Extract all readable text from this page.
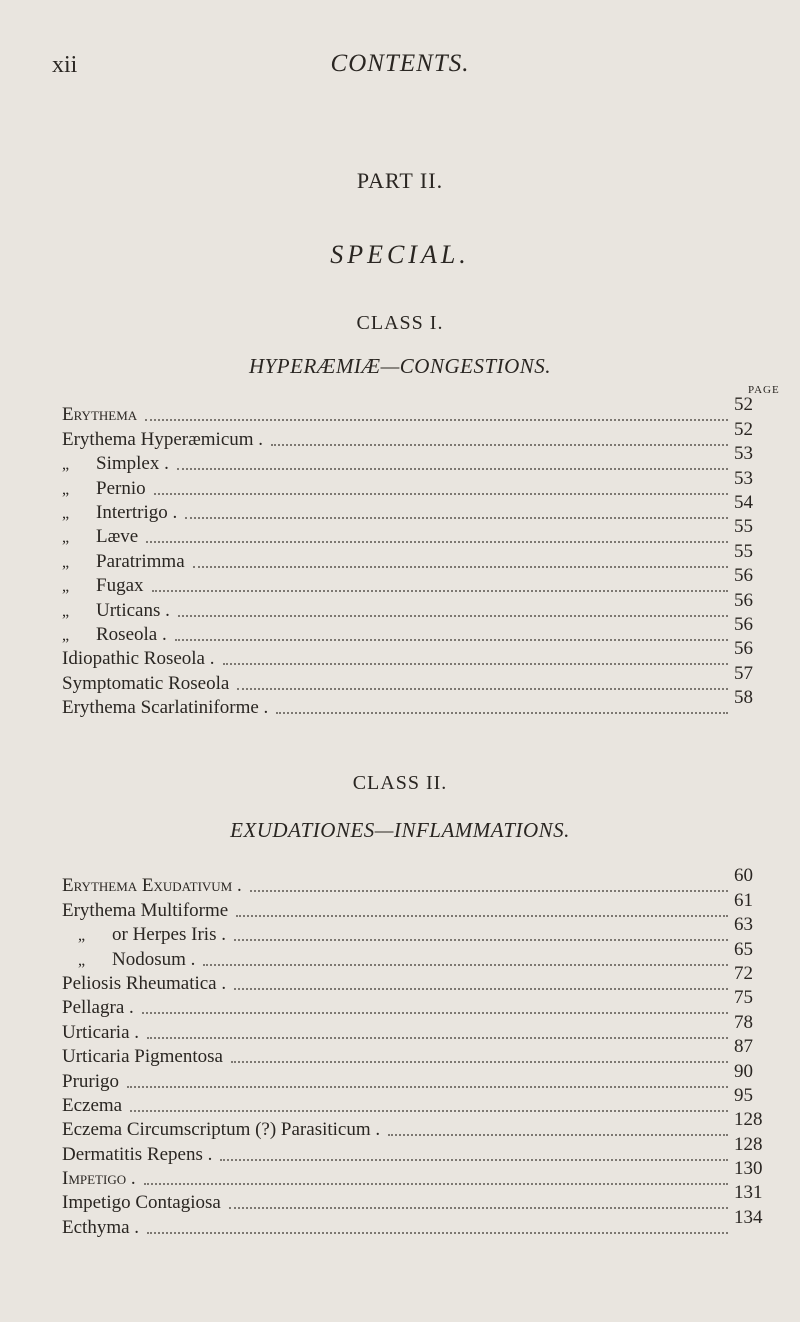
xii	CONTENTS.
PART II.
SPECIAL.
CLASS I.
HYPERÆMIÆ—CONGESTIONS.
PAGE
Erythema	52
Erythema Hyperæmicum .	52
„ Simplex .	53
„ Pernio	53
„ Intertrigo .	54
„ Læve	55
„ Paratrimma	55
„ Fugax	56
„ Urticans .	56
„ Roseola .	56
Idiopathic Roseola .	56
Symptomatic Roseola	57
Erythema Scarlatiniforme .	58
CLASS II.
EXUDATIONES—INFLAMMATIONS.
Erythema Exudativum .	60
Erythema Multiforme	61
„ or Herpes Iris .	63
„ Nodosum .	65
Peliosis Rheumatica .	72
Pellagra .	75
Urticaria .	78
Urticaria Pigmentosa	87
Prurigo	90
Eczema	95
Eczema Circumscriptum (?) Parasiticum .	128
Dermatitis Repens .	128
Impetigo .	130
Impetigo Contagiosa	131
Ecthyma .	134
